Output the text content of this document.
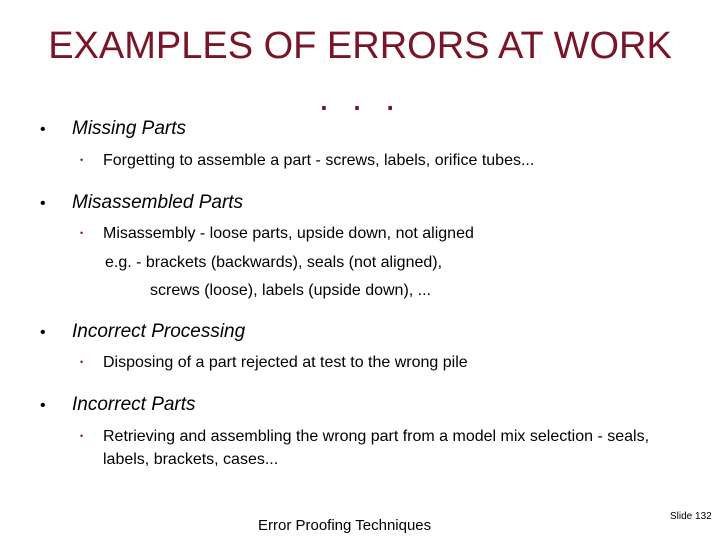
EXAMPLES OF ERRORS AT WORK
. . .
• Missing Parts
•	Forgetting to assemble a part - screws, labels, orifice tubes...
• Misassembled Parts
•	Misassembly - loose parts, upside down, not aligned
e.g. - brackets (backwards), seals (not aligned),
screws (loose), labels (upside down), ...
• Incorrect Processing
•	Disposing of a part rejected at test to the wrong pile
• Incorrect Parts
•	Retrieving and assembling the wrong part from a model mix selection - seals, labels, brackets, cases...
Error Proofing Techniques
Slide 132
